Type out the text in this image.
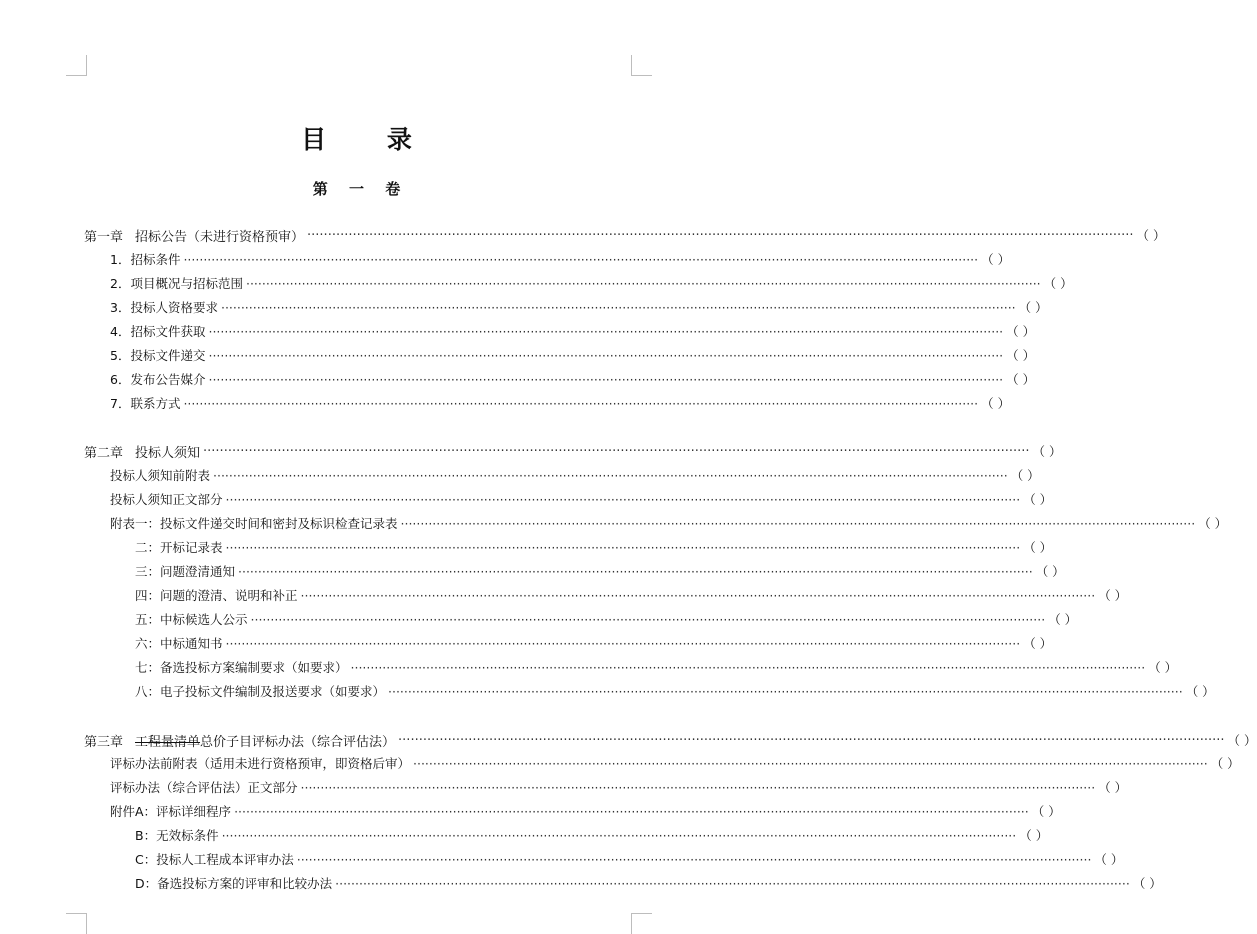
目 录
第 一 卷
第一章 招标公告（未进行资格预审） ········································································································································································································ （ ）
1．招标条件 ········································································································································································································ （ ）
2．项目概况与招标范围 ········································································································································································································ （ ）
3．投标人资格要求 ········································································································································································································ （ ）
4．招标文件获取 ········································································································································································································ （ ）
5．投标文件递交 ········································································································································································································ （ ）
6．发布公告媒介 ········································································································································································································ （ ）
7．联系方式 ········································································································································································································ （ ）
第二章 投标人须知 ········································································································································································································ （ ）
投标人须知前附表 ········································································································································································································ （ ）
投标人须知正文部分 ········································································································································································································ （ ）
附表一：投标文件递交时间和密封及标识检查记录表 ········································································································································································································ （ ）
二：开标记录表 ········································································································································································································ （ ）
三：问题澄清通知 ········································································································································································································ （ ）
四：问题的澄清、说明和补正 ········································································································································································································ （ ）
五：中标候选人公示 ········································································································································································································ （ ）
六：中标通知书 ········································································································································································································ （ ）
七：备选投标方案编制要求（如要求） ········································································································································································································ （ ）
八：电子投标文件编制及报送要求（如要求） ········································································································································································································ （ ）
第三章 工程量清单总价子目评标办法（综合评估法） ········································································································································································································ （ ）
评标办法前附表（适用未进行资格预审，即资格后审） ········································································································································································································ （ ）
评标办法（综合评估法）正文部分 ········································································································································································································ （ ）
附件A：评标详细程序 ········································································································································································································ （ ）
B：无效标条件 ········································································································································································································ （ ）
C：投标人工程成本评审办法 ········································································································································································································ （ ）
D：备选投标方案的评审和比较办法 ········································································································································································································ （ ）
